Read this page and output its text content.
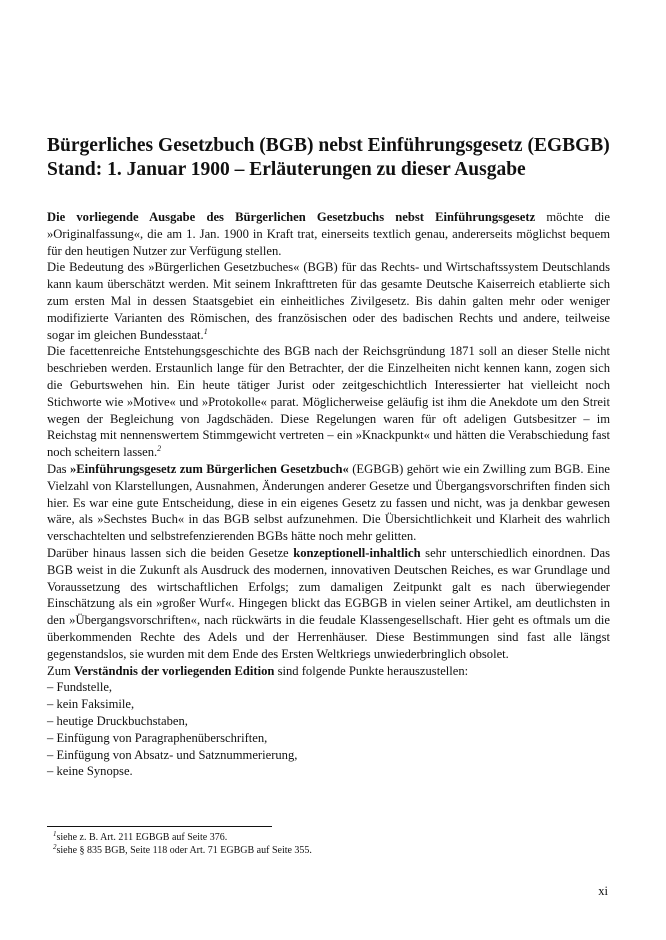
Bürgerliches Gesetzbuch (BGB) nebst Einführungsgesetz (EGBGB)
Stand: 1. Januar 1900 – Erläuterungen zu dieser Ausgabe

Die vorliegende Ausgabe des Bürgerlichen Gesetzbuchs nebst Einführungsgesetz möchte die »Originalfassung«, die am 1. Jan. 1900 in Kraft trat, einerseits textlich genau, andererseits möglichst bequem für den heutigen Nutzer zur Verfügung stellen.

Die Bedeutung des »Bürgerlichen Gesetzbuches« (BGB) für das Rechts- und Wirtschaftssystem Deutschlands kann kaum überschätzt werden. Mit seinem Inkrafttreten für das gesamte Deutsche Kaiserreich etablierte sich zum ersten Mal in dessen Staatsgebiet ein einheitliches Zivilgesetz. Bis dahin galten mehr oder weniger modifizierte Varianten des Römischen, des französischen oder des badischen Rechts und andere, teilweise sogar im gleichen Bundesstaat.$^1$

Die facettenreiche Entstehungsgeschichte des BGB nach der Reichsgründung 1871 soll an dieser Stelle nicht beschrieben werden. Erstaunlich lange für den Betrachter, der die Einzelheiten nicht kennen kann, zogen sich die Geburtswehen hin. Ein heute tätiger Jurist oder zeitgeschichtlich Interessierter hat vielleicht noch Stichworte wie »Motive« und »Protokolle« parat. Möglicherweise geläufig ist ihm die Anekdote um den Streit wegen der Begleichung von Jagdschäden. Diese Regelungen waren für oft adeligen Gutsbesitzer – im Reichstag mit nennenswertem Stimmgewicht vertreten – ein »Knackpunkt« und hätten die Verabschiedung fast noch scheitern lassen.$^2$

Das »Einführungsgesetz zum Bürgerlichen Gesetzbuch« (EGBGB) gehört wie ein Zwilling zum BGB. Eine Vielzahl von Klarstellungen, Ausnahmen, Änderungen anderer Gesetze und Übergangsvorschriften finden sich hier. Es war eine gute Entscheidung, diese in ein eigenes Gesetz zu fassen und nicht, was ja denkbar gewesen wäre, als »Sechstes Buch« in das BGB selbst aufzunehmen. Die Übersichtlichkeit und Klarheit des wahrlich verschachtelten und selbstrefenzierenden BGBs hätte noch mehr gelitten.

Darüber hinaus lassen sich die beiden Gesetze konzeptionell-inhaltlich sehr unterschiedlich einordnen. Das BGB weist in die Zukunft als Ausdruck des modernen, innovativen Deutschen Reiches, es war Grundlage und Voraussetzung des wirtschaftlichen Erfolgs; zum damaligen Zeitpunkt galt es nach überwiegender Einschätzung als ein »großer Wurf«. Hingegen blickt das EGBGB in vielen seiner Artikel, am deutlichsten in den »Übergangsvorschriften«, nach rückwärts in die feudale Klassengesellschaft. Hier geht es oftmals um die überkommenden Rechte des Adels und der Herrenhäuser. Diese Bestimmungen sind fast alle längst gegenstandslos, sie wurden mit dem Ende des Ersten Weltkriegs unwiederbringlich obsolet.

Zum Verständnis der vorliegenden Edition sind folgende Punkte herauszustellen:

– Fundstelle,
– kein Faksimile,
– heutige Druckbuchstaben,
– Einfügung von Paragraphenüberschriften,
– Einfügung von Absatz- und Satznummerierung,
– keine Synopse.
$^1$siehe z. B. Art. 211 EGBGB auf Seite 376.
$^2$siehe § 835 BGB, Seite 118 oder Art. 71 EGBGB auf Seite 355.
xi
